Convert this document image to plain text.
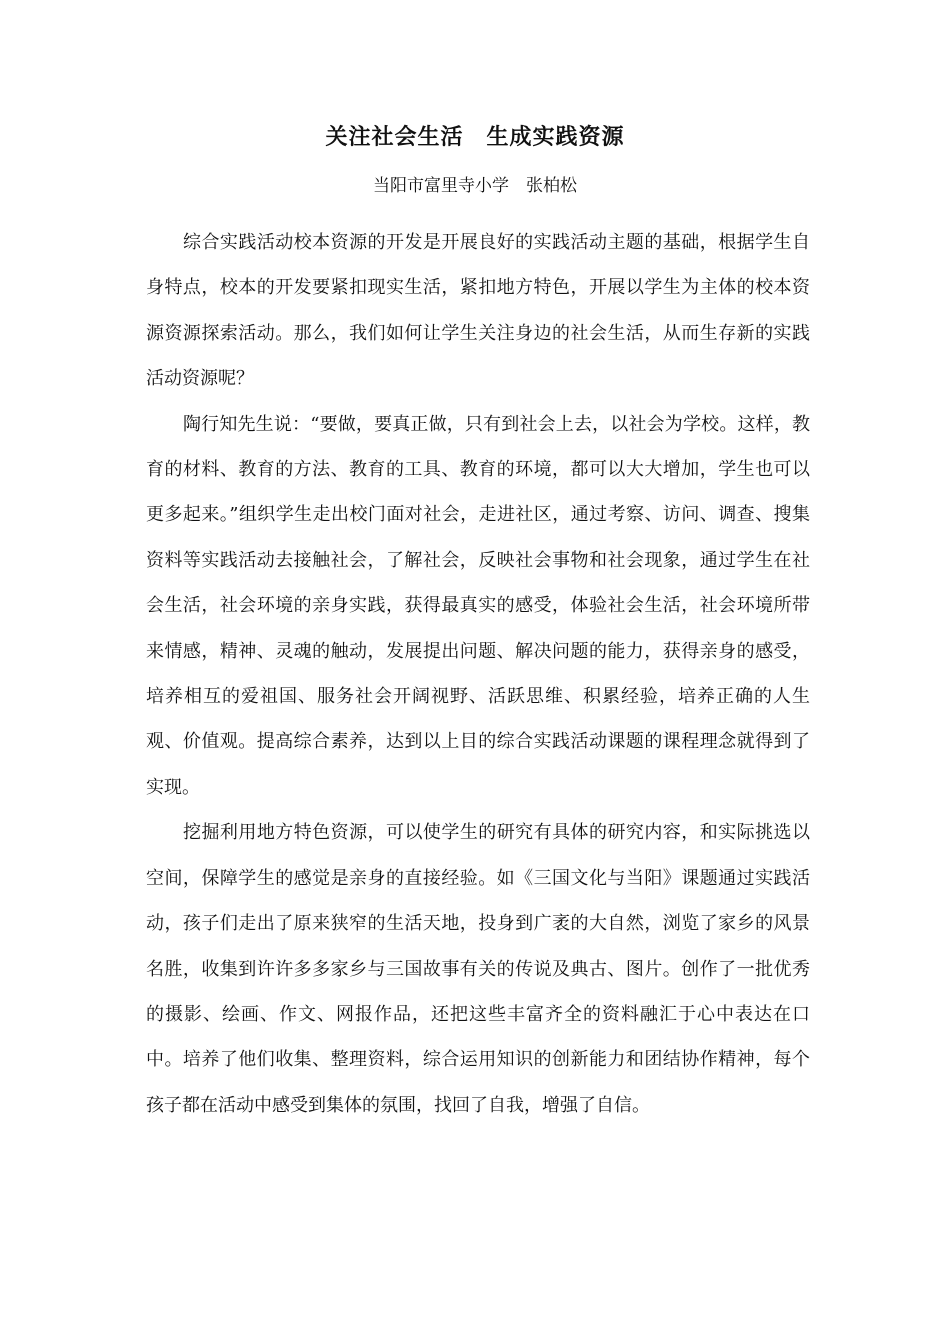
关注社会生活　生成实践资源

当阳市富里寺小学　张柏松

综合实践活动校本资源的开发是开展良好的实践活动主题的基础，根据学生自身特点，校本的开发要紧扣现实生活，紧扣地方特色，开展以学生为主体的校本资源资源探索活动。那么，我们如何让学生关注身边的社会生活，从而生存新的实践活动资源呢？

陶行知先生说：“要做，要真正做，只有到社会上去，以社会为学校。这样，教育的材料、教育的方法、教育的工具、教育的环境，都可以大大增加，学生也可以更多起来。”组织学生走出校门面对社会，走进社区，通过考察、访问、调查、搜集资料等实践活动去接触社会，了解社会，反映社会事物和社会现象，通过学生在社会生活，社会环境的亲身实践，获得最真实的感受，体验社会生活，社会环境所带来情感，精神、灵魂的触动，发展提出问题、解决问题的能力，获得亲身的感受，培养相互的爱祖国、服务社会开阔视野、活跃思维、积累经验，培养正确的人生观、价值观。提高综合素养，达到以上目的综合实践活动课题的课程理念就得到了实现。

挖掘利用地方特色资源，可以使学生的研究有具体的研究内容，和实际挑选以空间，保障学生的感觉是亲身的直接经验。如《三国文化与当阳》课题通过实践活动，孩子们走出了原来狭窄的生活天地，投身到广袤的大自然，浏览了家乡的风景名胜，收集到许许多多家乡与三国故事有关的传说及典古、图片。创作了一批优秀的摄影、绘画、作文、网报作品，还把这些丰富齐全的资料融汇于心中表达在口中。培养了他们收集、整理资料，综合运用知识的创新能力和团结协作精神，每个孩子都在活动中感受到集体的氛围，找回了自我，增强了自信。
